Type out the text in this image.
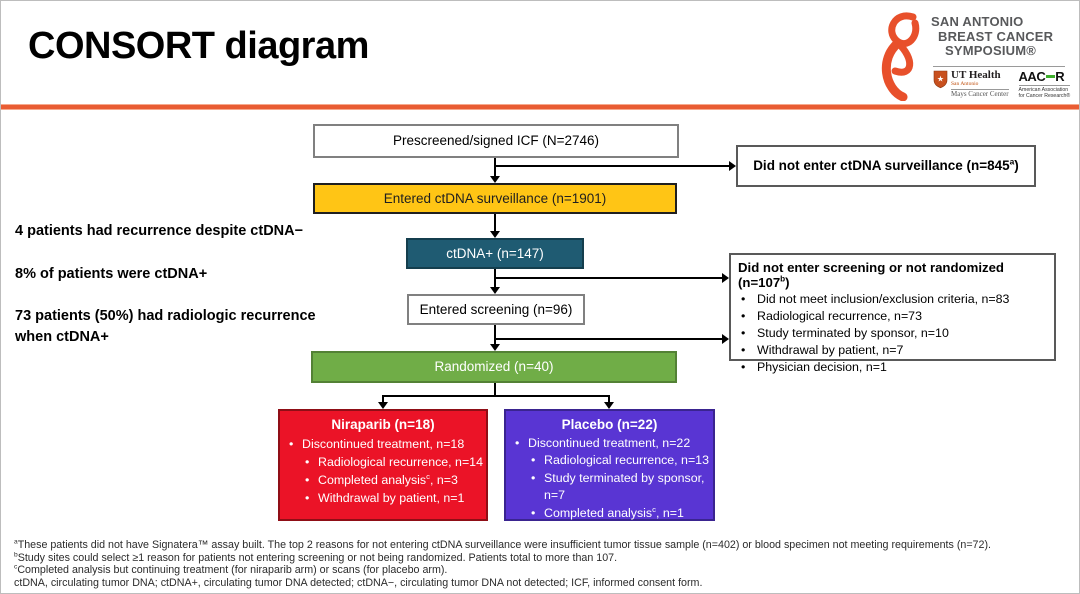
CONSORT diagram
SAN ANTONIO
BREAST CANCER
SYMPOSIUM®
★ UT Health
San Antonio
Mays Cancer Center
AAC R
American Association
for Cancer Research®
4 patients had recurrence despite ctDNA−
8% of patients were ctDNA+
73 patients (50%) had radiologic recurrence when ctDNA+
Prescreened/signed ICF (N=2746)
Did not enter ctDNA surveillance $(n=845^a)$
Entered ctDNA surveillance (n=1901)
ctDNA+ (n=147)
Entered screening (n=96)
Did not enter screening or not randomized $(n=107^b)$
• Did not meet inclusion/exclusion criteria, n=83
• Radiological recurrence, n=73
• Study terminated by sponsor, n=10
• Withdrawal by patient, n=7
• Physician decision, n=1
Randomized (n=40)
Niraparib (n=18)
• Discontinued treatment, n=18
• Radiological recurrence, n=14
• Completed analysis$^c$, n=3
• Withdrawal by patient, n=1
Placebo (n=22)
• Discontinued treatment, n=22
• Radiological recurrence, n=13
• Study terminated by sponsor, n=7
• Completed analysis$^c$, n=1
• Physician decision, n=1
$^a$These patients did not have Signatera™ assay built. The top 2 reasons for not entering ctDNA surveillance were insufficient tumor tissue sample (n=402) or blood specimen not meeting requirements (n=72).
$^b$Study sites could select ≥1 reason for patients not entering screening or not being randomized. Patients total to more than 107.
$^c$Completed analysis but continuing treatment (for niraparib arm) or scans (for placebo arm).
ctDNA, circulating tumor DNA; ctDNA+, circulating tumor DNA detected; ctDNA−, circulating tumor DNA not detected; ICF, informed consent form.
